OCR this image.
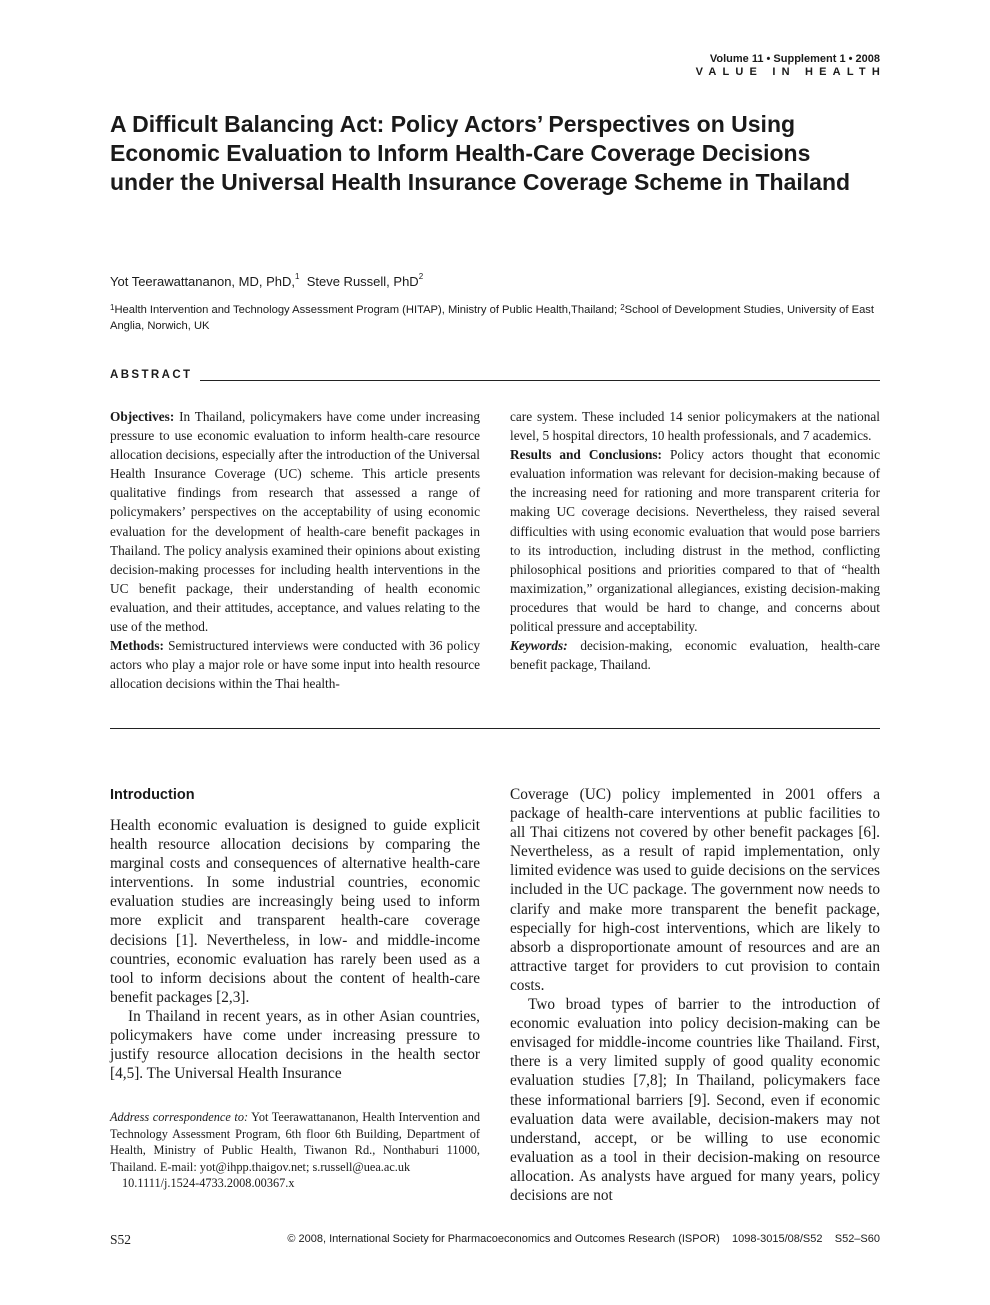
Volume 11 • Supplement 1 • 2008
VALUE IN HEALTH
A Difficult Balancing Act: Policy Actors’ Perspectives on Using Economic Evaluation to Inform Health-Care Coverage Decisions under the Universal Health Insurance Coverage Scheme in Thailand
Yot Teerawattananon, MD, PhD,$^1$ Steve Russell, PhD$^2$
$^1$Health Intervention and Technology Assessment Program (HITAP), Ministry of Public Health,Thailand; $^2$School of Development Studies, University of East Anglia, Norwich, UK
ABSTRACT

Objectives: In Thailand, policymakers have come under increasing pressure to use economic evaluation to inform health-care resource allocation decisions, especially after the introduction of the Universal Health Insurance Coverage (UC) scheme. This article presents qualitative findings from research that assessed a range of policymakers’ perspectives on the acceptability of using economic evaluation for the development of health-care benefit packages in Thailand. The policy analysis examined their opinions about existing decision-making processes for including health interventions in the UC benefit package, their understanding of health economic evaluation, and their attitudes, acceptance, and values relating to the use of the method.

Methods: Semistructured interviews were conducted with 36 policy actors who play a major role or have some input into health resource allocation decisions within the Thai health-

care system. These included 14 senior policymakers at the national level, 5 hospital directors, 10 health professionals, and 7 academics.

Results and Conclusions: Policy actors thought that economic evaluation information was relevant for decision-making because of the increasing need for rationing and more transparent criteria for making UC coverage decisions. Nevertheless, they raised several difficulties with using economic evaluation that would pose barriers to its introduction, including distrust in the method, conflicting philosophical positions and priorities compared to that of “health maximization,” organizational allegiances, existing decision-making procedures that would be hard to change, and concerns about political pressure and acceptability.

Keywords: decision-making, economic evaluation, health-care benefit package, Thailand.

Introduction

Health economic evaluation is designed to guide explicit health resource allocation decisions by comparing the marginal costs and consequences of alternative health-care interventions. In some industrial countries, economic evaluation studies are increasingly being used to inform more explicit and transparent health-care coverage decisions [1]. Nevertheless, in low- and middle-income countries, economic evaluation has rarely been used as a tool to inform decisions about the content of health-care benefit packages [2,3].

In Thailand in recent years, as in other Asian countries, policymakers have come under increasing pressure to justify resource allocation decisions in the health sector [4,5]. The Universal Health Insurance

Coverage (UC) policy implemented in 2001 offers a package of health-care interventions at public facilities to all Thai citizens not covered by other benefit packages [6]. Nevertheless, as a result of rapid implementation, only limited evidence was used to guide decisions on the services included in the UC package. The government now needs to clarify and make more transparent the benefit package, especially for high-cost interventions, which are likely to absorb a disproportionate amount of resources and are an attractive target for providers to cut provision to contain costs.

Two broad types of barrier to the introduction of economic evaluation into policy decision-making can be envisaged for middle-income countries like Thailand. First, there is a very limited supply of good quality economic evaluation studies [7,8]; In Thailand, policymakers face these informational barriers [9]. Second, even if economic evaluation data were available, decision-makers may not understand, accept, or be willing to use economic evaluation as a tool in their decision-making on resource allocation. As analysts have argued for many years, policy decisions are not

Address correspondence to: Yot Teerawattananon, Health Intervention and Technology Assessment Program, 6th floor 6th Building, Department of Health, Ministry of Public Health, Tiwanon Rd., Nonthaburi 11000, Thailand. E-mail: yot@ihpp.thaigov.net; s.russell@uea.ac.uk

10.1111/j.1524-4733.2008.00367.x

S52	© 2008, International Society for Pharmacoeconomics and Outcomes Research (ISPOR)    1098-3015/08/S52    S52–S60
